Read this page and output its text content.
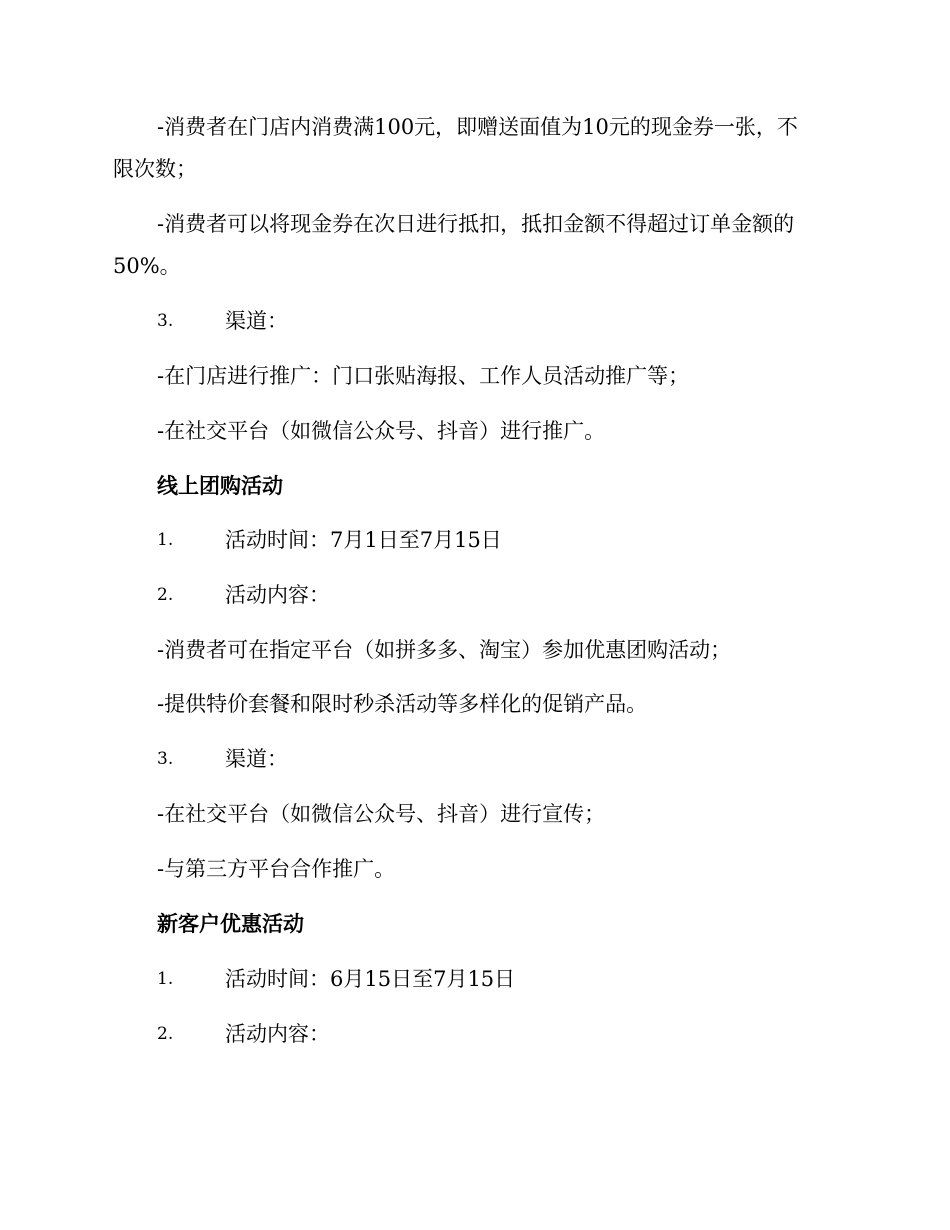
-消费者在门店内消费满100元，即赠送面值为10元的现金券一张，不
限次数；
-消费者可以将现金券在次日进行抵扣，抵扣金额不得超过订单金额的
50%。
3. 渠道：
-在门店进行推广：门口张贴海报、工作人员活动推广等；
-在社交平台（如微信公众号、抖音）进行推广。
线上团购活动
1. 活动时间：7月1日至7月15日
2. 活动内容：
-消费者可在指定平台（如拼多多、淘宝）参加优惠团购活动；
-提供特价套餐和限时秒杀活动等多样化的促销产品。
3. 渠道：
-在社交平台（如微信公众号、抖音）进行宣传；
-与第三方平台合作推广。
新客户优惠活动
1. 活动时间：6月15日至7月15日
2. 活动内容：
